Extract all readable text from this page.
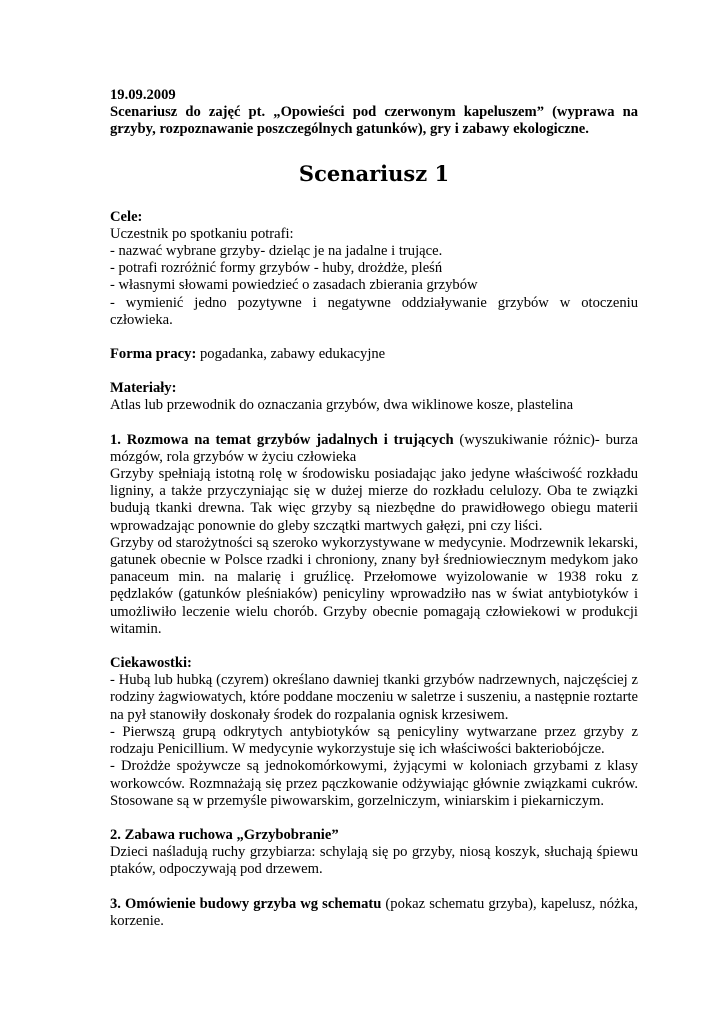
19.09.2009

Scenariusz do zajęć pt. „Opowieści pod czerwonym kapeluszem” (wyprawa na grzyby, rozpoznawanie poszczególnych gatunków), gry i zabawy ekologiczne.

Scenariusz 1

Cele:

Uczestnik po spotkaniu potrafi:

- nazwać wybrane grzyby- dzieląc je na jadalne i trujące.

- potrafi rozróżnić formy grzybów - huby, drożdże, pleśń

- własnymi słowami powiedzieć o zasadach zbierania grzybów

- wymienić jedno pozytywne i negatywne oddziaływanie grzybów w otoczeniu człowieka.

Forma pracy: pogadanka, zabawy edukacyjne

Materiały:

Atlas lub przewodnik do oznaczania grzybów, dwa wiklinowe kosze, plastelina

1. Rozmowa na temat grzybów jadalnych i trujących (wyszukiwanie różnic)- burza mózgów, rola grzybów w życiu człowieka

Grzyby spełniają istotną rolę w środowisku posiadając jako jedyne właściwość rozkładu ligniny, a także przyczyniając się w dużej mierze do rozkładu celulozy. Oba te związki budują tkanki drewna. Tak więc grzyby są niezbędne do prawidłowego obiegu materii wprowadzając ponownie do gleby szczątki martwych gałęzi, pni czy liści.

Grzyby od starożytności są szeroko wykorzystywane w medycynie. Modrzewnik lekarski, gatunek obecnie w Polsce rzadki i chroniony, znany był średniowiecznym medykom jako panaceum min. na malarię i gruźlicę. Przełomowe wyizolowanie w 1938 roku z pędzlaków (gatunków pleśniaków) penicyliny wprowadziło nas w świat antybiotyków i umożliwiło leczenie wielu chorób. Grzyby obecnie pomagają człowiekowi w produkcji witamin.

Ciekawostki:

- Hubą lub hubką (czyrem) określano dawniej tkanki grzybów nadrzewnych, najczęściej z rodziny żagwiowatych, które poddane moczeniu w saletrze i suszeniu, a następnie roztarte na pył stanowiły doskonały środek do rozpalania ognisk krzesiwem.

- Pierwszą grupą odkrytych antybiotyków są penicyliny wytwarzane przez grzyby z rodzaju Penicillium. W medycynie wykorzystuje się ich właściwości bakteriobójcze.

- Drożdże spożywcze są jednokomórkowymi, żyjącymi w koloniach grzybami z klasy workowców. Rozmnażają się przez pączkowanie odżywiając głównie związkami cukrów. Stosowane są w przemyśle piwowarskim, gorzelniczym, winiarskim i piekarniczym.

2. Zabawa ruchowa „Grzybobranie”

Dzieci naśladują ruchy grzybiarza: schylają się po grzyby, niosą koszyk, słuchają śpiewu ptaków, odpoczywają pod drzewem.

3. Omówienie budowy grzyba wg schematu (pokaz schematu grzyba), kapelusz, nóżka, korzenie.
